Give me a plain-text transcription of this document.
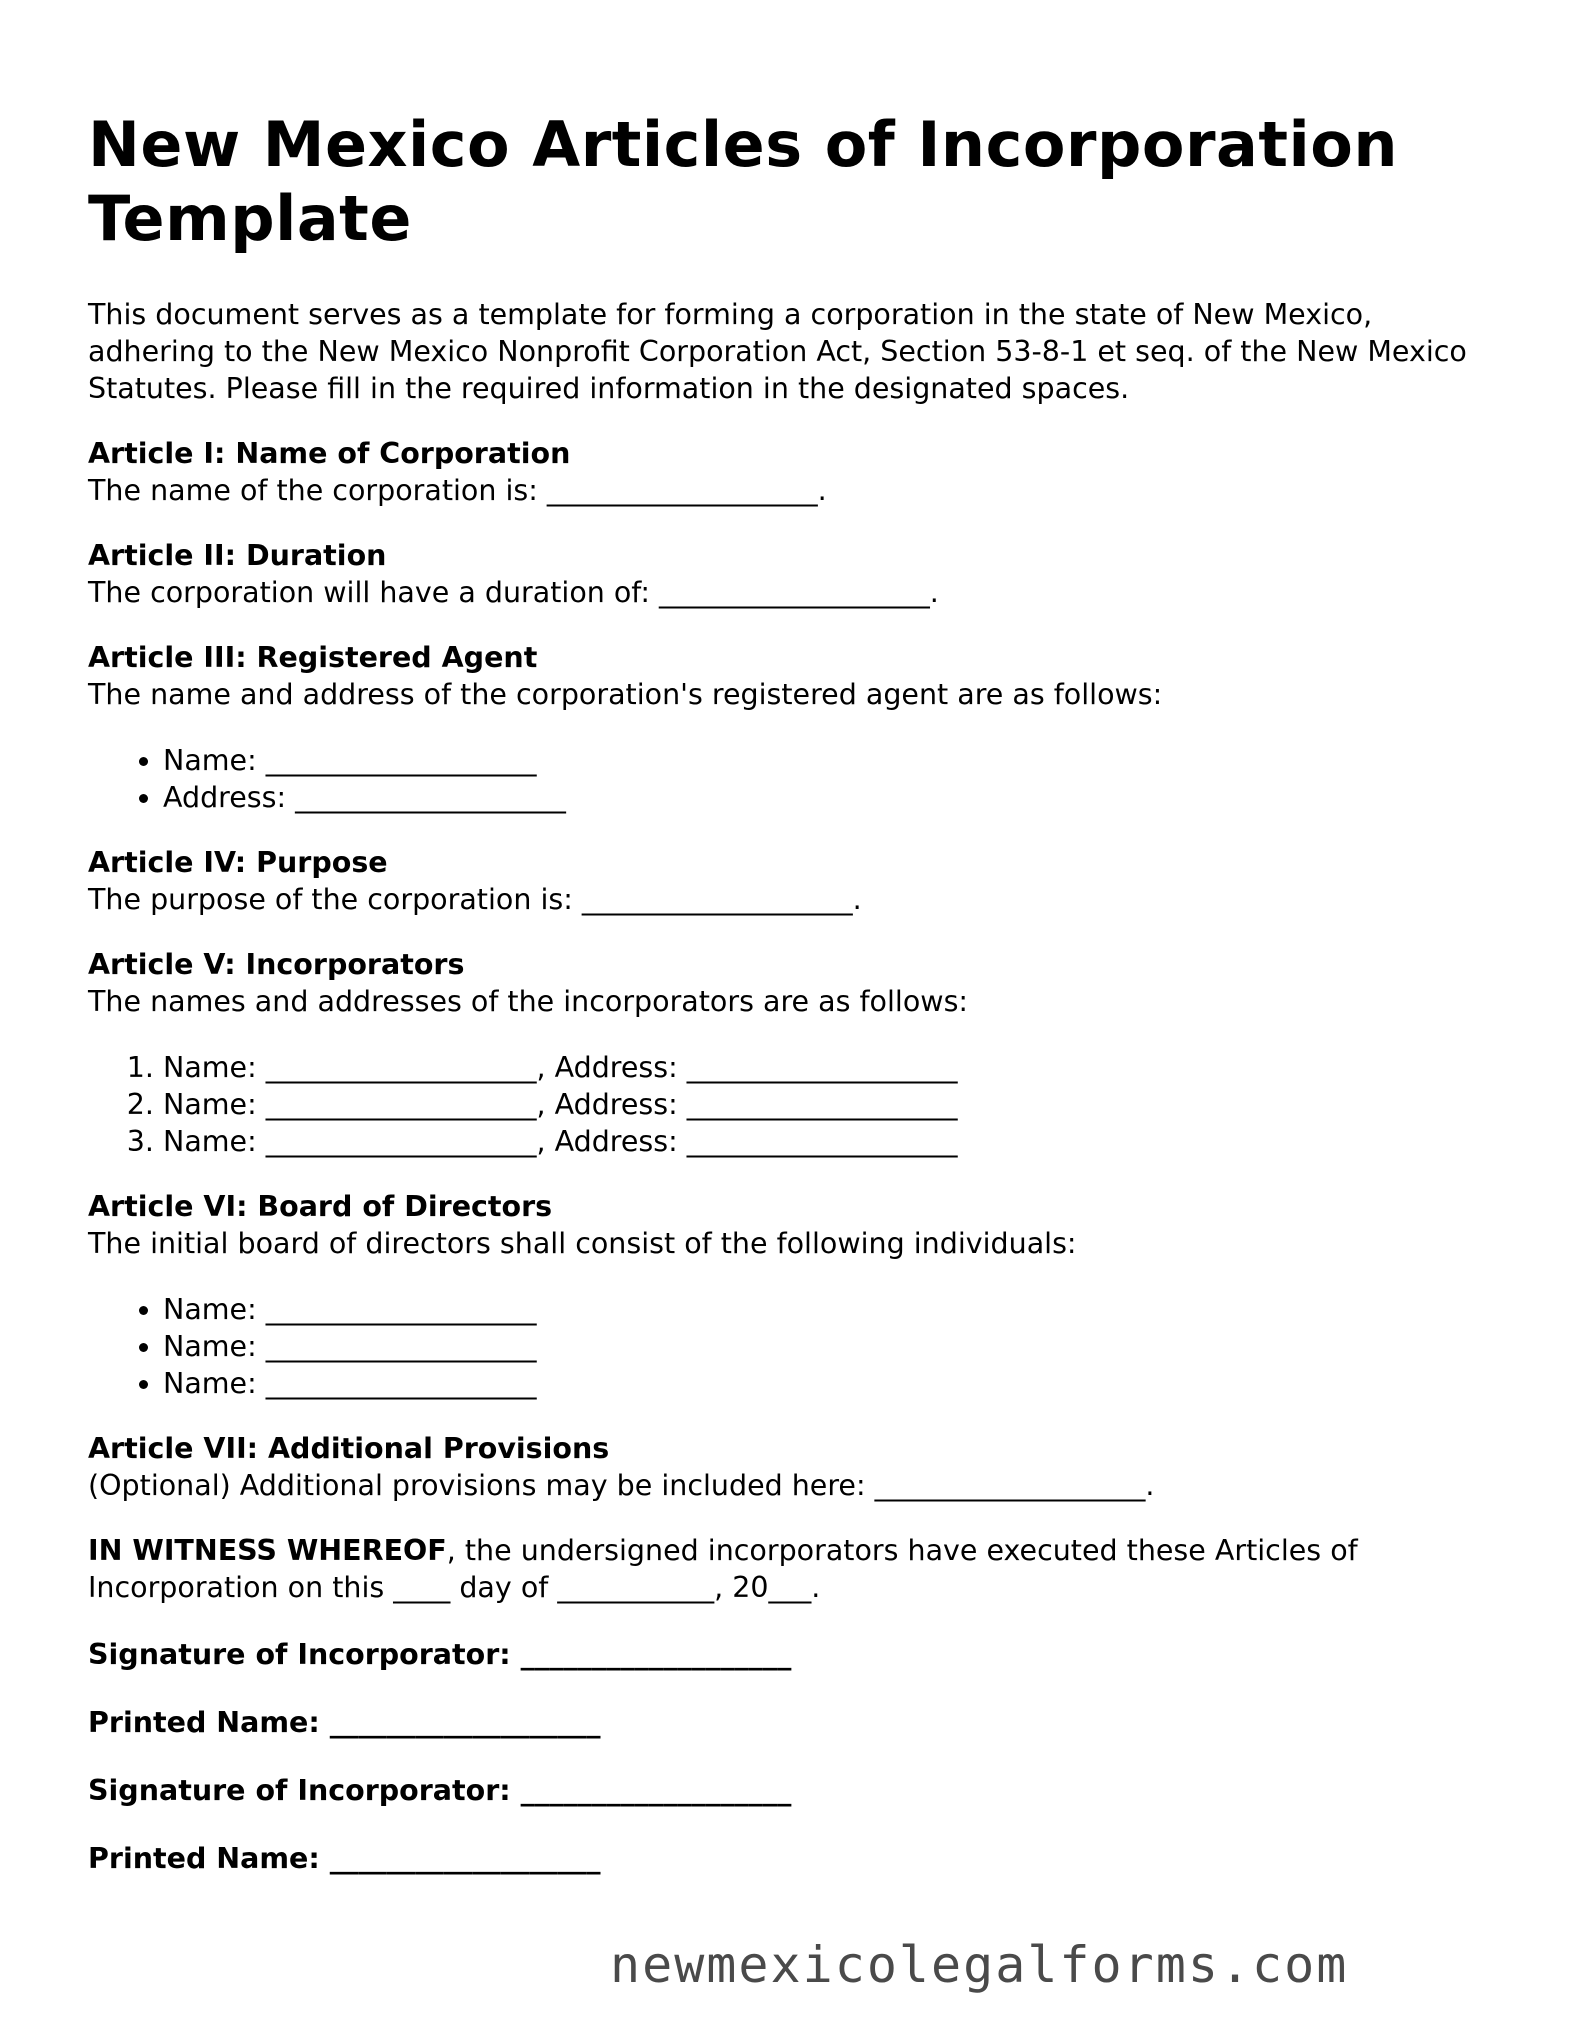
New Mexico Articles of Incorporation Template

This document serves as a template for forming a corporation in the state of New Mexico, adhering to the New Mexico Nonprofit Corporation Act, Section 53-8-1 et seq. of the New Mexico Statutes. Please fill in the required information in the designated spaces.

Article I: Name of Corporation

The name of the corporation is: ___________________.

Article II: Duration

The corporation will have a duration of: ___________________.

Article III: Registered Agent

The name and address of the corporation's registered agent are as follows:

• Name: ___________________
• Address: ___________________

Article IV: Purpose

The purpose of the corporation is: ___________________.

Article V: Incorporators

The names and addresses of the incorporators are as follows:

1. Name: ___________________, Address: ___________________
2. Name: ___________________, Address: ___________________
3. Name: ___________________, Address: ___________________

Article VI: Board of Directors

The initial board of directors shall consist of the following individuals:

• Name: ___________________
• Name: ___________________
• Name: ___________________

Article VII: Additional Provisions

(Optional) Additional provisions may be included here: ___________________.

IN WITNESS WHEREOF, the undersigned incorporators have executed these Articles of Incorporation on this ____ day of ___________, 20___.

Signature of Incorporator: ___________________

Printed Name: ___________________

Signature of Incorporator: ___________________

Printed Name: ___________________

newmexicolegalforms.com
